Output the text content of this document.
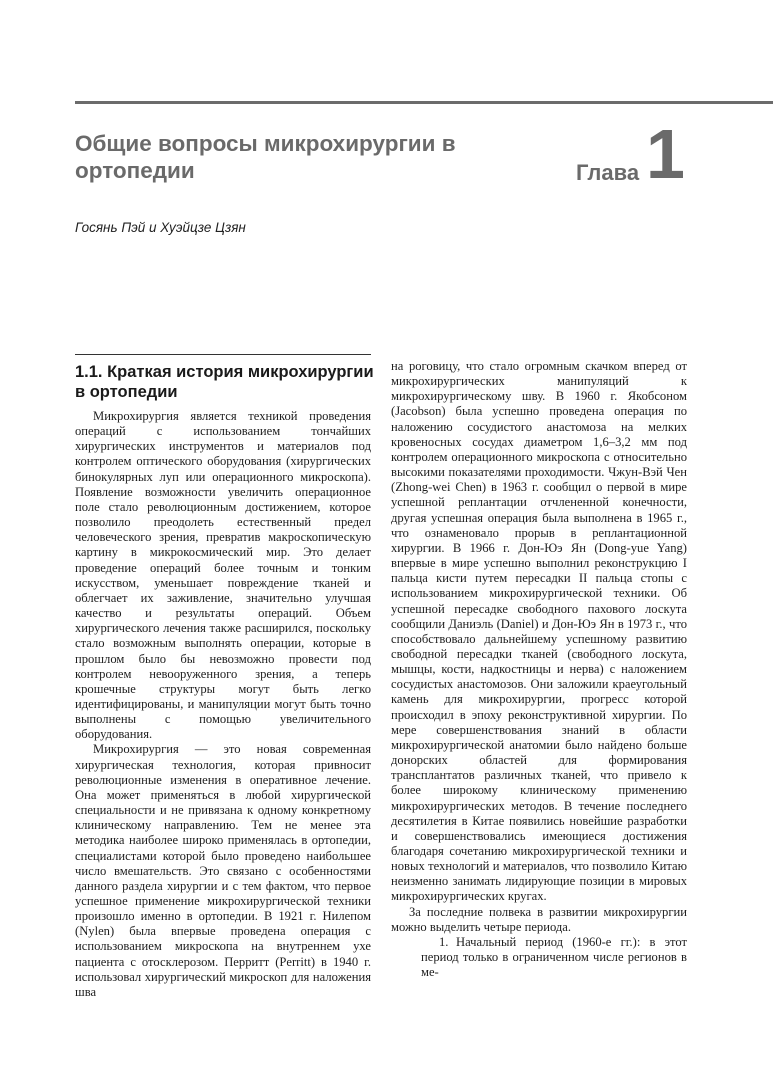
Общие вопросы микрохирургии в ортопедии	Глава 1
Госянь Пэй и Хуэйцзе Цзян
1.1. Краткая история микрохирургии в ортопедии

Микрохирургия является техникой проведения операций с использованием тончайших хирургических инструментов и материалов под контролем оптического оборудования (хирургических бинокулярных луп или операционного микроскопа). Появление возможности увеличить операционное поле стало революционным достижением, которое позволило преодолеть естественный предел человеческого зрения, превратив макроскопическую картину в микрокосмический мир. Это делает проведение операций более точным и тонким искусством, уменьшает повреждение тканей и облегчает их заживление, значительно улучшая качество и результаты операций. Объем хирургического лечения также расширился, поскольку стало возможным выполнять операции, которые в прошлом было бы невозможно провести под контролем невооруженного зрения, а теперь крошечные структуры могут быть легко идентифицированы, и манипуляции могут быть точно выполнены с помощью увеличительного оборудования.

Микрохирургия — это новая современная хирургическая технология, которая привносит революционные изменения в оперативное лечение. Она может применяться в любой хирургической специальности и не привязана к одному конкретному клиническому направлению. Тем не менее эта методика наиболее широко применялась в ортопедии, специалистами которой было проведено наибольшее число вмешательств. Это связано с особенностями данного раздела хирургии и с тем фактом, что первое успешное применение микрохирургической техники произошло именно в ортопедии. В 1921 г. Нилепом (Nylen) была впервые проведена операция с использованием микроскопа на внутреннем ухе пациента с отосклерозом. Перритт (Perritt) в 1940 г. использовал хирургический микроскоп для наложения шва

на роговицу, что стало огромным скачком вперед от микрохирургических манипуляций к микрохирургическому шву. В 1960 г. Якобсоном (Jacobson) была успешно проведена операция по наложению сосудистого анастомоза на мелких кровеносных сосудах диаметром 1,6–3,2 мм под контролем операционного микроскопа с относительно высокими показателями проходимости. Чжун-Вэй Чен (Zhong-wei Chen) в 1963 г. сообщил о первой в мире успешной реплантации отчлененной конечности, другая успешная операция была выполнена в 1965 г., что ознаменовало прорыв в реплантационной хирургии. В 1966 г. Дон-Юэ Ян (Dong-yue Yang) впервые в мире успешно выполнил реконструкцию I пальца кисти путем пересадки II пальца стопы с использованием микрохирургической техники. Об успешной пересадке свободного пахового лоскута сообщили Даниэль (Daniel) и Дон-Юэ Ян в 1973 г., что способствовало дальнейшему успешному развитию свободной пересадки тканей (свободного лоскута, мышцы, кости, надкостницы и нерва) с наложением сосудистых анастомозов. Они заложили краеугольный камень для микрохирургии, прогресс которой происходил в эпоху реконструктивной хирургии. По мере совершенствования знаний в области микрохирургической анатомии было найдено больше донорских областей для формирования трансплантатов различных тканей, что привело к более широкому клиническому применению микрохирургических методов. В течение последнего десятилетия в Китае появились новейшие разработки и совершенствовались имеющиеся достижения благодаря сочетанию микрохирургической техники и новых технологий и материалов, что позволило Китаю неизменно занимать лидирующие позиции в мировых микрохирургических кругах.

За последние полвека в развитии микрохирургии можно выделить четыре периода.

1. Начальный период (1960-е гг.): в этот период только в ограниченном числе регионов в ме-
